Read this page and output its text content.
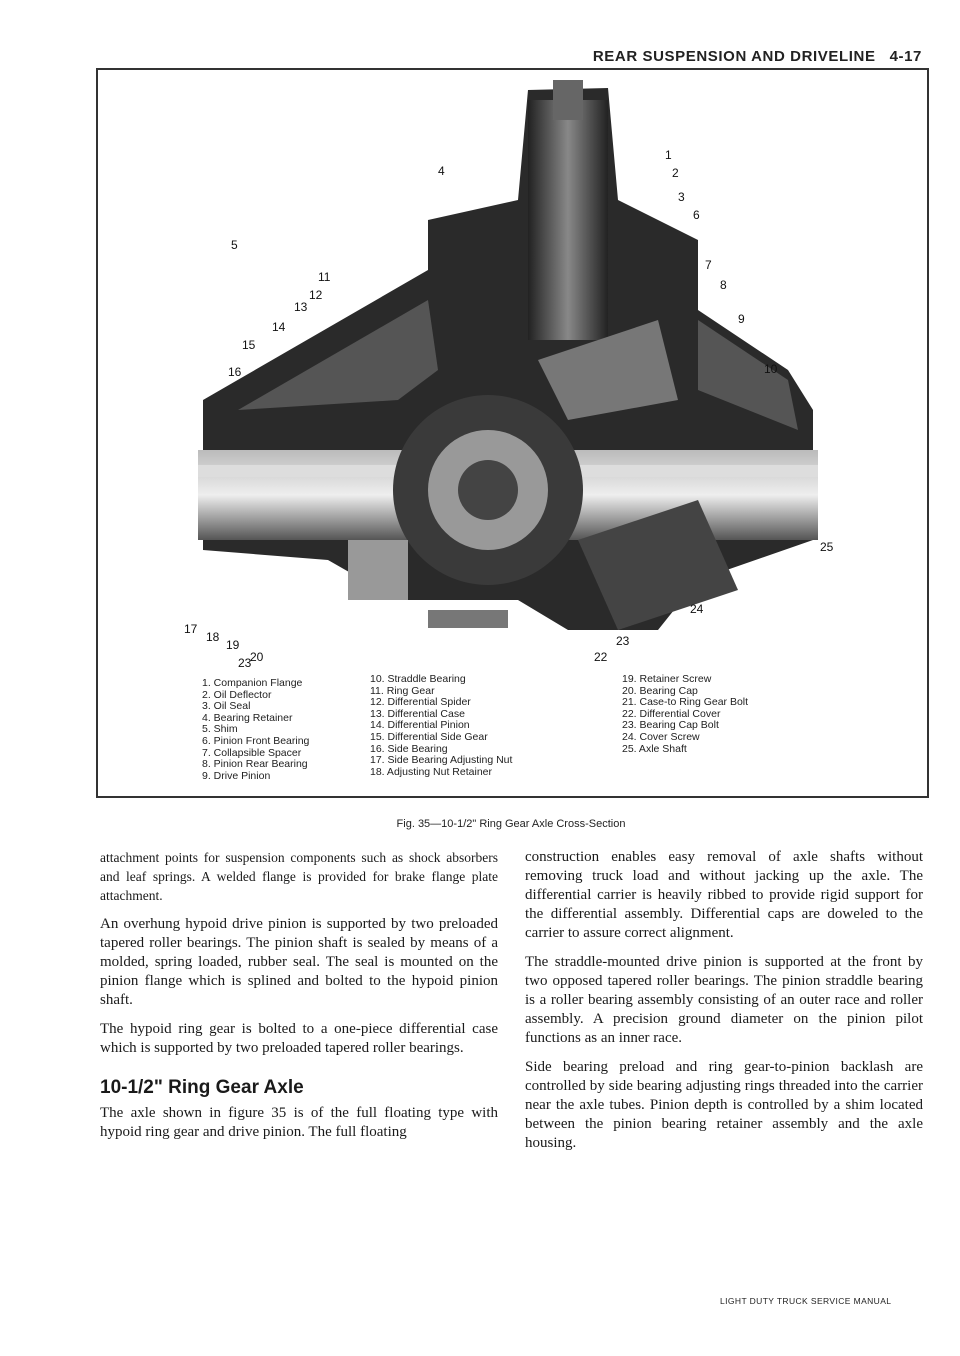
REAR SUSPENSION AND DRIVELINE 4-17
1
2
3
6
7
8
9
10
25
24
23
22
23
20
19
18
17
16
15
14
13
12
11
5
4
1. Companion Flange
2. Oil Deflector
3. Oil Seal
4. Bearing Retainer
5. Shim
6. Pinion Front Bearing
7. Collapsible Spacer
8. Pinion Rear Bearing
9. Drive Pinion
10. Straddle Bearing
11. Ring Gear
12. Differential Spider
13. Differential Case
14. Differential Pinion
15. Differential Side Gear
16. Side Bearing
17. Side Bearing Adjusting Nut
18. Adjusting Nut Retainer
19. Retainer Screw
20. Bearing Cap
21. Case-to Ring Gear Bolt
22. Differential Cover
23. Bearing Cap Bolt
24. Cover Screw
25. Axle Shaft
Fig. 35—10-1/2" Ring Gear Axle Cross-Section

attachment points for suspension components such as shock absorbers and leaf springs. A welded flange is provided for brake flange plate attachment.

An overhung hypoid drive pinion is supported by two preloaded tapered roller bearings. The pinion shaft is sealed by means of a molded, spring loaded, rubber seal. The seal is mounted on the pinion flange which is splined and bolted to the hypoid pinion shaft.

The hypoid ring gear is bolted to a one-piece differential case which is supported by two preloaded tapered roller bearings.

10-1/2" Ring Gear Axle

The axle shown in figure 35 is of the full floating type with hypoid ring gear and drive pinion. The full floating

construction enables easy removal of axle shafts without removing truck load and without jacking up the axle. The differential carrier is heavily ribbed to provide rigid support for the differential assembly. Differential caps are doweled to the carrier to assure correct alignment.

The straddle-mounted drive pinion is supported at the front by two opposed tapered roller bearings. The pinion straddle bearing is a roller bearing assembly consisting of an outer race and roller assembly. A precision ground diameter on the pinion pilot functions as an inner race.

Side bearing preload and ring gear-to-pinion backlash are controlled by side bearing adjusting rings threaded into the carrier near the axle tubes. Pinion depth is controlled by a shim located between the pinion bearing retainer assembly and the axle housing.

LIGHT DUTY TRUCK SERVICE MANUAL
